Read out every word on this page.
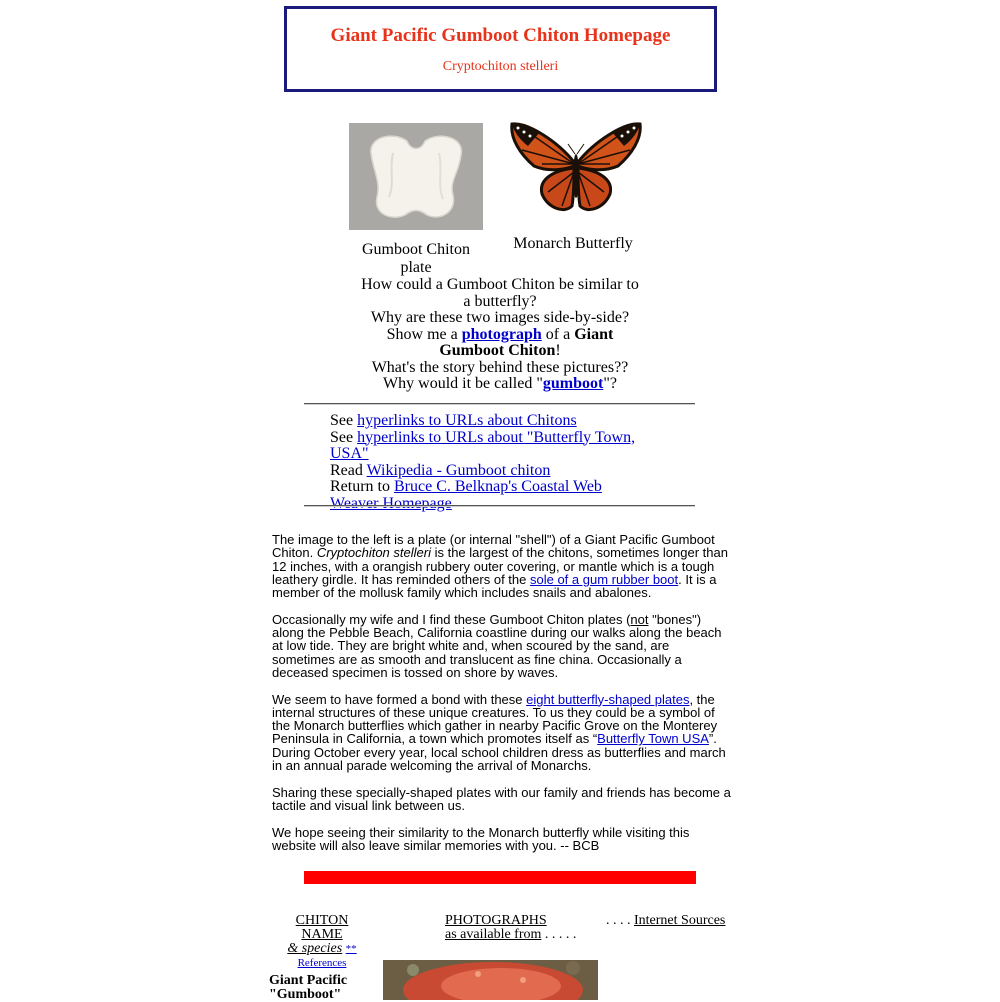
Giant Pacific Gumboot Chiton Homepage
Cryptochiton stelleri
Gumboot Chiton plate
Monarch Butterfly
How could a Gumboot Chiton be similar to a butterfly?
Why are these two images side-by-side?
Show me a photograph of a Giant Gumboot Chiton!
What's the story behind these pictures??
Why would it be called "gumboot"?
See hyperlinks to URLs about Chitons
See hyperlinks to URLs about "Butterfly Town, USA"
Read Wikipedia - Gumboot chiton
Return to Bruce C. Belknap's Coastal Web Weaver Homepage

The image to the left is a plate (or internal "shell") of a Giant Pacific Gumboot Chiton. Cryptochiton stelleri is the largest of the chitons, sometimes longer than 12 inches, with a orangish rubbery outer covering, or mantle which is a tough leathery girdle. It has reminded others of the sole of a gum rubber boot. It is a member of the mollusk family which includes snails and abalones.

Occasionally my wife and I find these Gumboot Chiton plates (not "bones") along the Pebble Beach, California coastline during our walks along the beach at low tide. They are bright white and, when scoured by the sand, are sometimes are as smooth and translucent as fine china. Occasionally a deceased specimen is tossed on shore by waves.

We seem to have formed a bond with these eight butterfly-shaped plates, the internal structures of these unique creatures. To us they could be a symbol of the Monarch butterflies which gather in nearby Pacific Grove on the Monterey Peninsula in California, a town which promotes itself as “Butterfly Town USA”. During October every year, local school children dress as butterflies and march in an annual parade welcoming the arrival of Monarchs.

Sharing these specially-shaped plates with our family and friends has become a tactile and visual link between us.

We hope seeing their similarity to the Monarch butterfly while visiting this website will also leave similar memories with you. -- BCB

CHITON NAME
& species **
References
PHOTOGRAPHS
as available from . . . . .
. . . . Internet Sources
Giant Pacific
"Gumboot"
